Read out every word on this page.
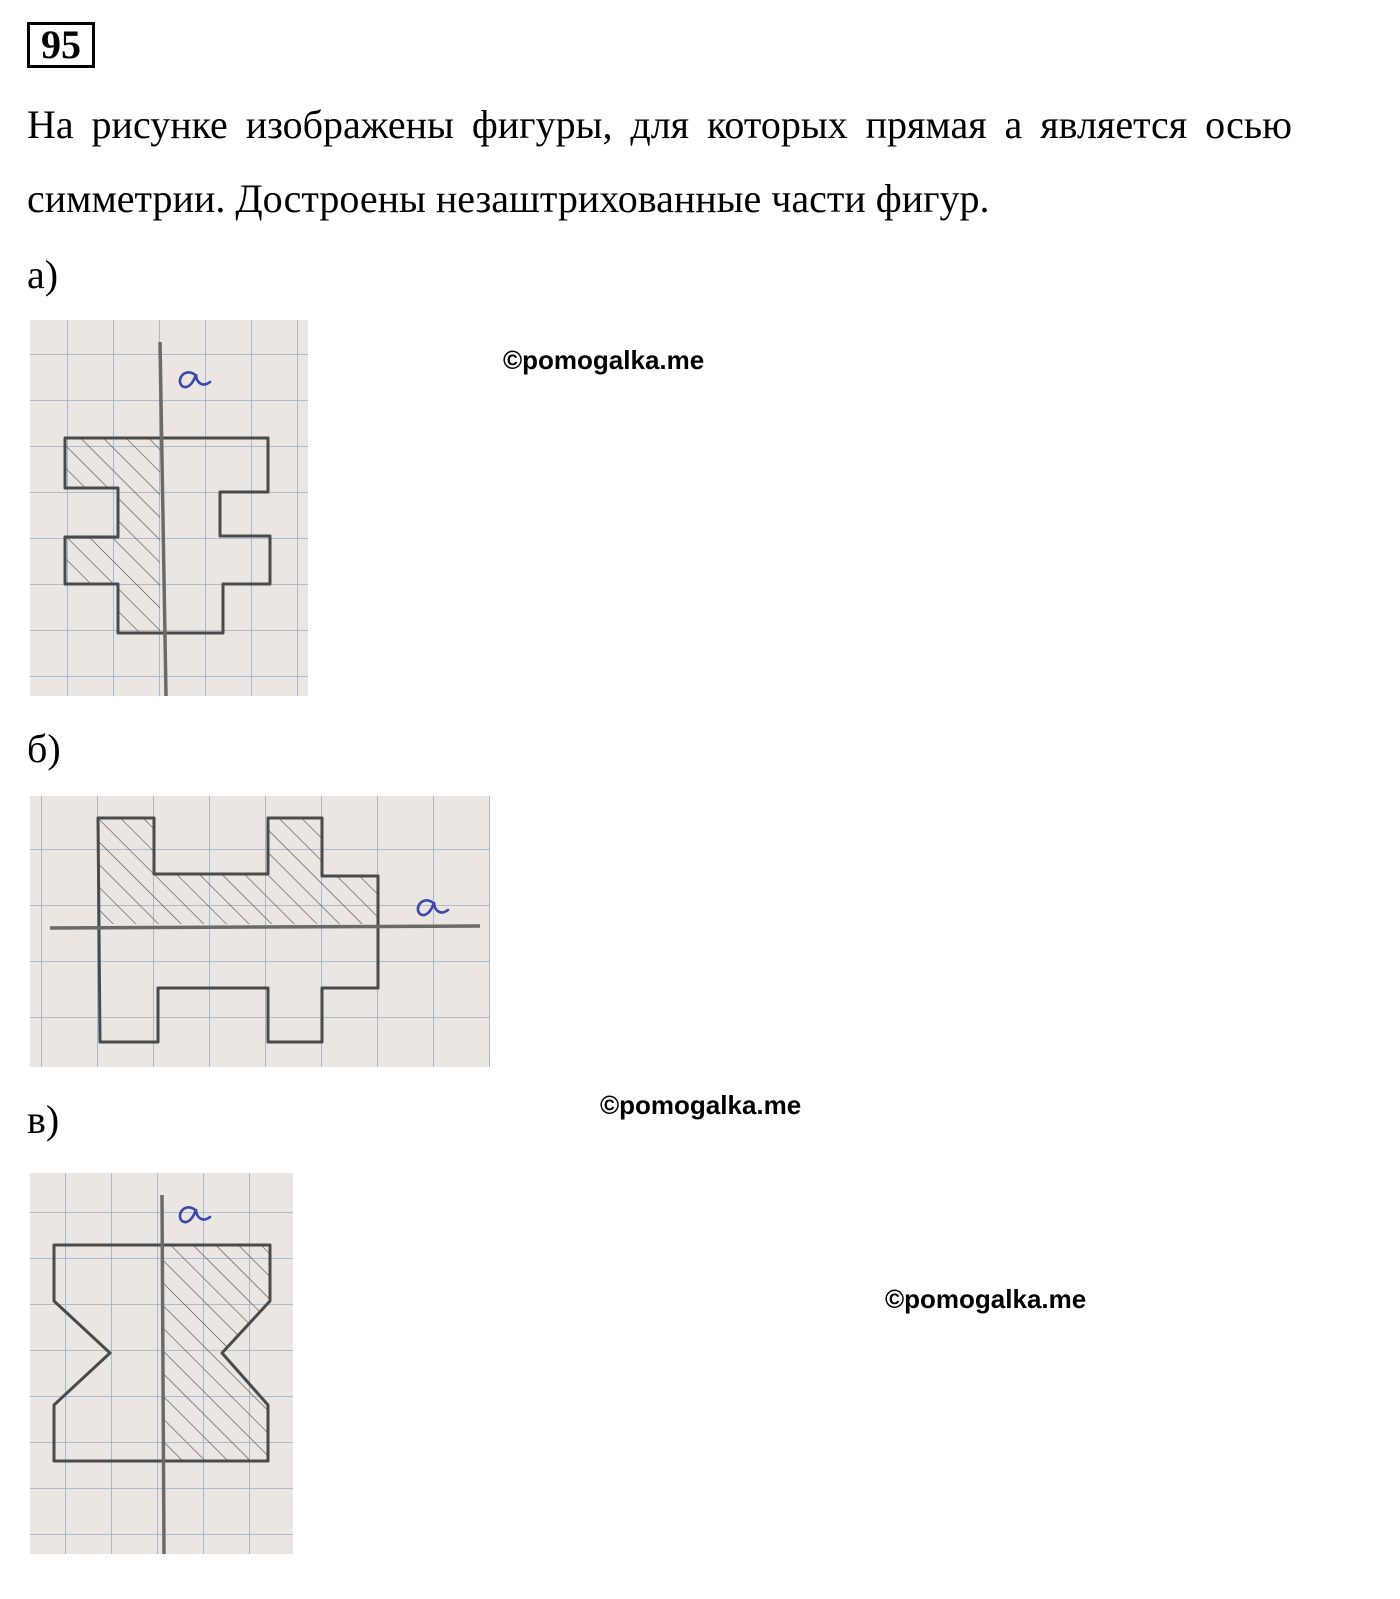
95
На рисунке изображены фигуры, для которых прямая а является осью симметрии. Достроены незаштрихованные части фигур.
а)
б)
в)
©pomogalka.me
©pomogalka.me
©pomogalka.me
